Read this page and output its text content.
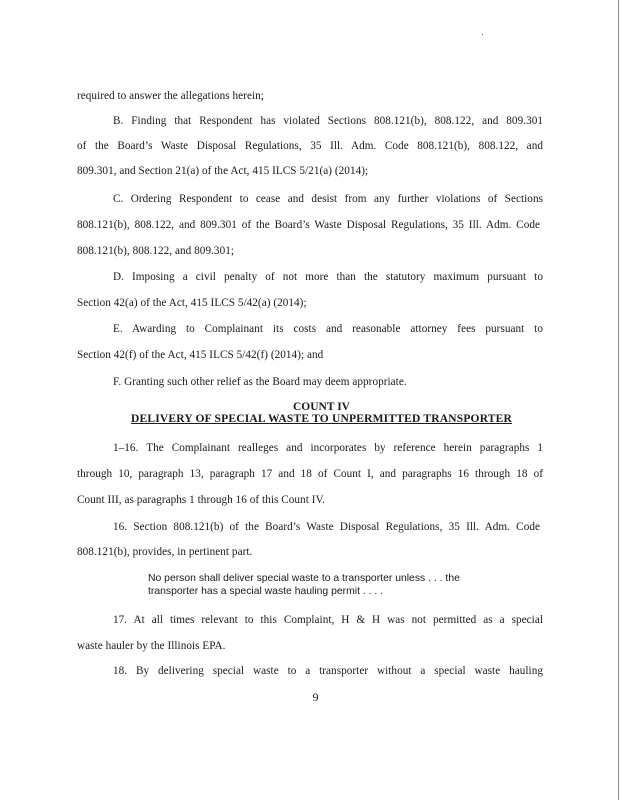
required to answer the allegations herein;
B. Finding that Respondent has violated Sections 808.121(b), 808.122, and 809.301
of the Board’s Waste Disposal Regulations, 35 Ill. Adm. Code 808.121(b), 808.122, and
809.301, and Section 21(a) of the Act, 415 ILCS 5/21(a) (2014);
C. Ordering Respondent to cease and desist from any further violations of Sections
808.121(b), 808.122, and 809.301 of the Board’s Waste Disposal Regulations, 35 Ill. Adm. Code
808.121(b), 808.122, and 809.301;
D. Imposing a civil penalty of not more than the statutory maximum pursuant to
Section 42(a) of the Act, 415 ILCS 5/42(a) (2014);
E. Awarding to Complainant its costs and reasonable attorney fees pursuant to
Section 42(f) of the Act, 415 ILCS 5/42(f) (2014); and
F. Granting such other relief as the Board may deem appropriate.
COUNT IV
DELIVERY OF SPECIAL WASTE TO UNPERMITTED TRANSPORTER
1–16. The Complainant realleges and incorporates by reference herein paragraphs 1
through 10, paragraph 13, paragraph 17 and 18 of Count I, and paragraphs 16 through 18 of
Count III, as paragraphs 1 through 16 of this Count IV.
16. Section 808.121(b) of the Board’s Waste Disposal Regulations, 35 Ill. Adm. Code
808.121(b), provides, in pertinent part.
No person shall deliver special waste to a transporter unless . . . the
transporter has a special waste hauling permit . . . .
17. At all times relevant to this Complaint, H & H was not permitted as a special
waste hauler by the Illinois EPA.
18. By delivering special waste to a transporter without a special waste hauling
9
